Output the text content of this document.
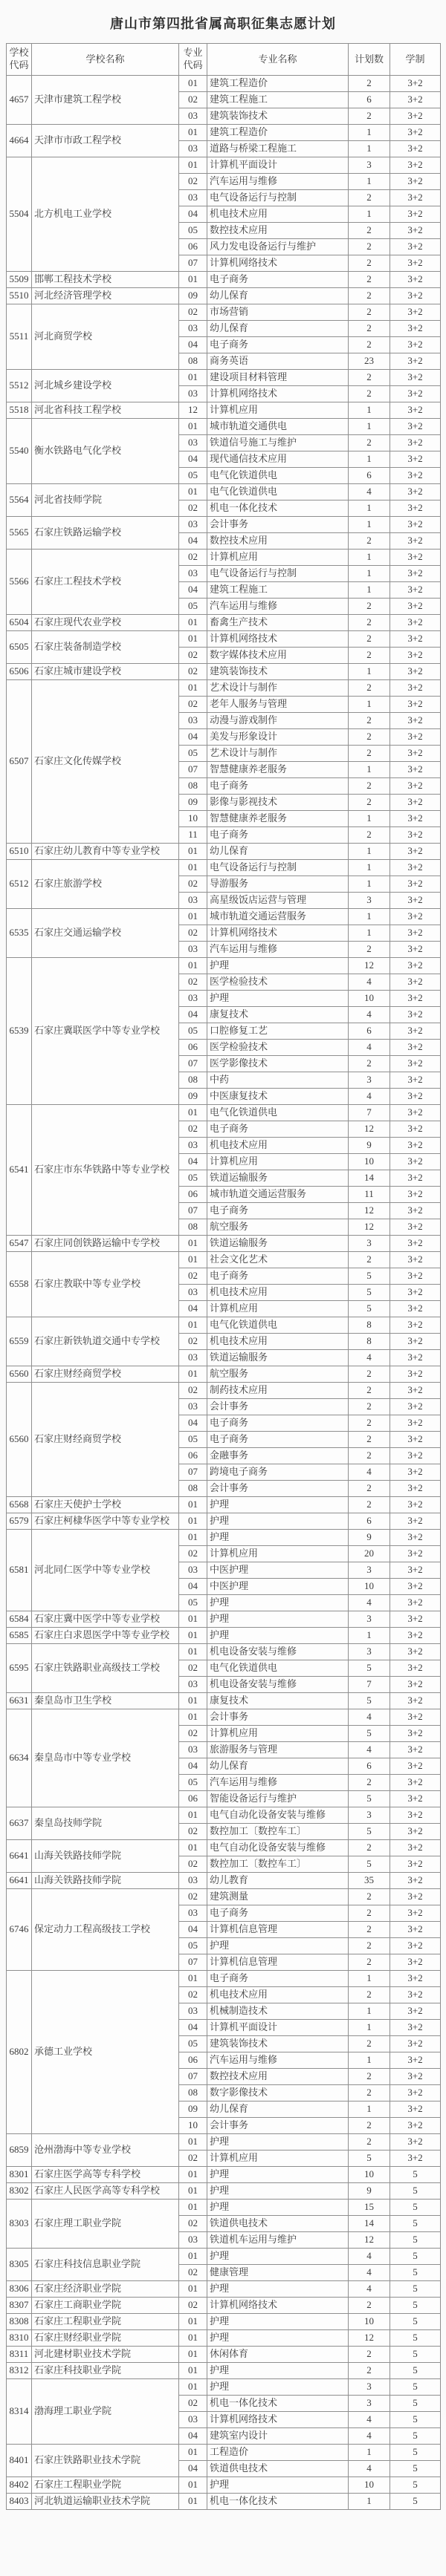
唐山市第四批省属高职征集志愿计划
学校代码	学校名称	专业代码	专业名称	计划数	学制
4657	天津市建筑工程学校	01	建筑工程造价	2	3+2
		02	建筑工程施工	6	3+2
		03	建筑装饰技术	2	3+2
4664	天津市市政工程学校	01	建筑工程造价	1	3+2
		03	道路与桥梁工程施工	1	3+2
5504	北方机电工业学校	01	计算机平面设计	3	3+2
		02	汽车运用与维修	1	3+2
		03	电气设备运行与控制	2	3+2
		04	机电技术应用	1	3+2
		05	数控技术应用	2	3+2
		06	风力发电设备运行与维护	2	3+2
		07	计算机网络技术	2	3+2
5509	邯郸工程技术学校	01	电子商务	2	3+2
5510	河北经济管理学校	09	幼儿保育	2	3+2
5511	河北商贸学校	02	市场营销	2	3+2
		03	幼儿保育	2	3+2
		04	电子商务	2	3+2
		08	商务英语	23	3+2
5512	河北城乡建设学校	01	建设项目材料管理	2	3+2
		03	计算机网络技术	2	3+2
5518	河北省科技工程学校	12	计算机应用	1	3+2
5540	衡水铁路电气化学校	01	城市轨道交通供电	1	3+2
		03	铁道信号施工与维护	2	3+2
		04	现代通信技术应用	1	3+2
		05	电气化铁道供电	6	3+2
5564	河北省技师学院	01	电气化铁道供电	4	3+2
		02	机电一体化技术	1	3+2
5565	石家庄铁路运输学校	03	会计事务	1	3+2
		04	数控技术应用	2	3+2
5566	石家庄工程技术学校	02	计算机应用	1	3+2
		03	电气设备运行与控制	1	3+2
		04	建筑工程施工	1	3+2
		05	汽车运用与维修	2	3+2
6504	石家庄现代农业学校	01	畜禽生产技术	2	3+2
6505	石家庄装备制造学校	01	计算机网络技术	2	3+2
		02	数字媒体技术应用	2	3+2
6506	石家庄城市建设学校	02	建筑装饰技术	1	3+2
6507	石家庄文化传媒学校	01	艺术设计与制作	2	3+2
		02	老年人服务与管理	1	3+2
		03	动漫与游戏制作	2	3+2
		04	美发与形象设计	2	3+2
		05	艺术设计与制作	2	3+2
		07	智慧健康养老服务	1	3+2
		08	电子商务	2	3+2
		09	影像与影视技术	2	3+2
		10	智慧健康养老服务	1	3+2
		11	电子商务	2	3+2
6510	石家庄幼儿教育中等专业学校	01	幼儿保育	1	3+2
6512	石家庄旅游学校	01	电气设备运行与控制	1	3+2
		02	导游服务	1	3+2
		03	高星级饭店运营与管理	3	3+2
6535	石家庄交通运输学校	01	城市轨道交通运营服务	1	3+2
		02	计算机网络技术	1	3+2
		03	汽车运用与维修	2	3+2
6539	石家庄冀联医学中等专业学校	01	护理	12	3+2
		02	医学检验技术	4	3+2
		03	护理	10	3+2
		04	康复技术	4	3+2
		05	口腔修复工艺	6	3+2
		06	医学检验技术	4	3+2
		07	医学影像技术	2	3+2
		08	中药	3	3+2
		09	中医康复技术	4	3+2
6541	石家庄市东华铁路中等专业学校	01	电气化铁道供电	7	3+2
		02	电子商务	12	3+2
		03	机电技术应用	9	3+2
		04	计算机应用	10	3+2
		05	铁道运输服务	14	3+2
		06	城市轨道交通运营服务	11	3+2
		07	电子商务	12	3+2
		08	航空服务	12	3+2
6547	石家庄同创铁路运输中专学校	01	铁道运输服务	3	3+2
6558	石家庄教联中等专业学校	01	社会文化艺术	2	3+2
		02	电子商务	5	3+2
		03	机电技术应用	5	3+2
		04	计算机应用	5	3+2
6559	石家庄新铁轨道交通中专学校	01	电气化铁道供电	8	3+2
		02	机电技术应用	8	3+2
		03	铁道运输服务	4	3+2
6560	石家庄财经商贸学校	01	航空服务	2	3+2
6560	石家庄财经商贸学校	02	制药技术应用	2	3+2
		03	会计事务	2	3+2
		04	电子商务	2	3+2
		05	电子商务	2	3+2
		06	金融事务	2	3+2
		07	跨境电子商务	4	3+2
		08	会计事务	2	3+2
6568	石家庄天使护士学校	01	护理	2	3+2
6579	石家庄柯棣华医学中等专业学校	01	护理	6	3+2
6581	河北同仁医学中等专业学校	01	护理	9	3+2
		02	计算机应用	20	3+2
		03	中医护理	3	3+2
		04	中医护理	10	3+2
		05	护理	4	3+2
6584	石家庄冀中医学中等专业学校	01	护理	3	3+2
6585	石家庄白求恩医学中等专业学校	01	护理	1	3+2
6595	石家庄铁路职业高级技工学校	01	机电设备安装与维修	3	3+2
		02	电气化铁道供电	5	3+2
		03	机电设备安装与维修	7	3+2
6631	秦皇岛市卫生学校	01	康复技术	5	3+2
6634	秦皇岛市中等专业学校	01	会计事务	4	3+2
		02	计算机应用	5	3+2
		03	旅游服务与管理	4	3+2
		04	幼儿保育	6	3+2
		05	汽车运用与维修	2	3+2
		06	智能设备运行与维护	5	3+2
6637	秦皇岛技师学院	01	电气自动化设备安装与维修	3	3+2
		02	数控加工〔数控车工〕	5	3+2
6641	山海关铁路技师学院	01	电气自动化设备安装与维修	2	3+2
		02	数控加工〔数控车工〕	5	3+2
6641	山海关铁路技师学院	03	幼儿教育	35	3+2
6746	保定动力工程高级技工学校	02	建筑测量	2	3+2
		03	电子商务	2	3+2
		04	计算机信息管理	2	3+2
		05	护理	2	3+2
		07	计算机信息管理	2	3+2
6802	承德工业学校	01	电子商务	1	3+2
		02	机电技术应用	2	3+2
		03	机械制造技术	1	3+2
		04	计算机平面设计	1	3+2
		05	建筑装饰技术	2	3+2
		06	汽车运用与维修	1	3+2
		07	数控技术应用	2	3+2
		08	数字影像技术	2	3+2
		09	幼儿保育	1	3+2
		10	会计事务	2	3+2
6859	沧州渤海中等专业学校	01	护理	2	3+2
		02	计算机应用	5	3+2
8301	石家庄医学高等专科学校	01	护理	10	5
8302	石家庄人民医学高等专科学校	01	护理	9	5
8303	石家庄理工职业学院	01	护理	15	5
		02	铁道供电技术	14	5
		03	铁道机车运用与维护	12	5
8305	石家庄科技信息职业学院	01	护理	4	5
		02	健康管理	4	5
8306	石家庄经济职业学院	01	护理	4	5
8307	石家庄工商职业学院	02	计算机网络技术	2	5
8308	石家庄工程职业学院	01	护理	10	5
8310	石家庄财经职业学院	01	护理	12	5
8311	河北建材职业技术学院	01	休闲体育	2	5
8312	石家庄科技职业学院	01	护理	2	5
8314	渤海理工职业学院	01	护理	3	5
		02	机电一体化技术	3	5
		03	计算机网络技术	4	5
		04	建筑室内设计	4	5
8401	石家庄铁路职业技术学院	01	工程造价	1	5
		04	铁道供电技术	4	5
8402	石家庄工程职业学院	01	护理	10	5
8403	河北轨道运输职业技术学院	01	机电一体化技术	1	5
